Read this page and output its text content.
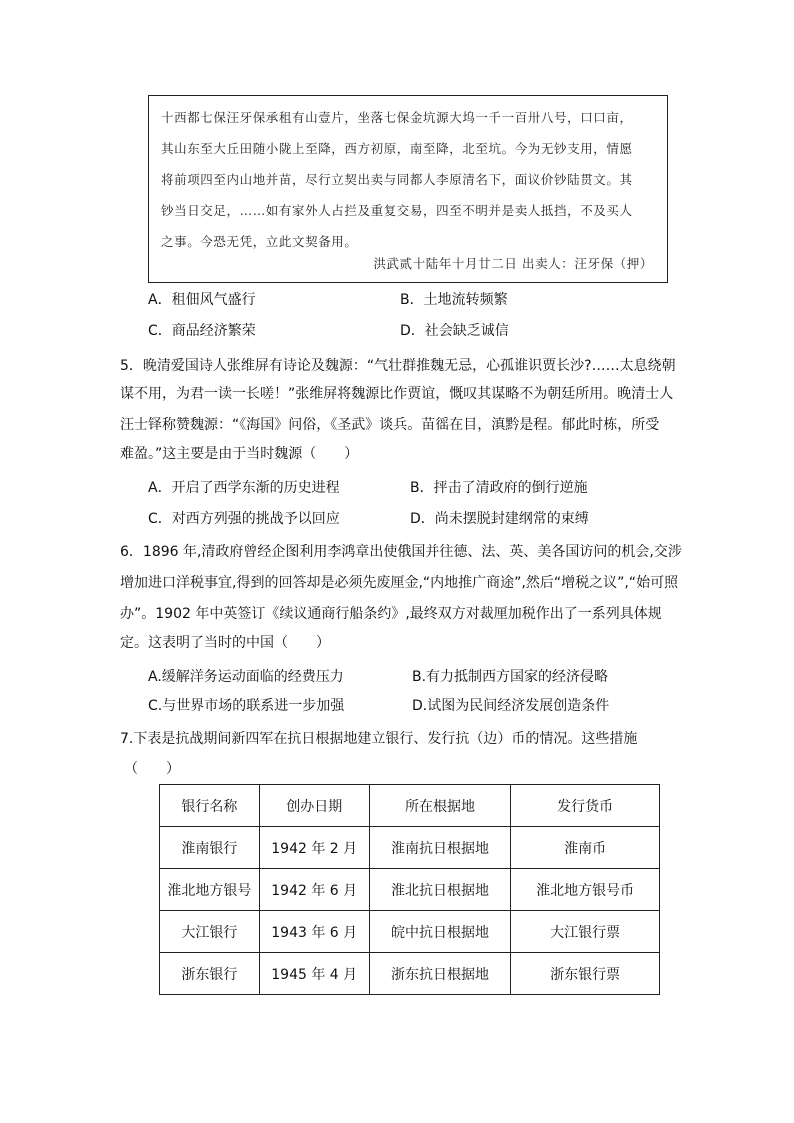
十西都七保汪牙保承租有山壹片，坐落七保金坑源大坞一千一百卅八号，口口亩，
其山东至大丘田随小陇上至降，西方初原，南至降，北至坑。今为无钞支用，情愿
将前项四至内山地并苗，尽行立契出卖与同都人李原清名下，面议价钞陆贯文。其
钞当日交足，……如有家外人占拦及重复交易，四至不明并是卖人抵挡，不及买人
之事。今恐无凭，立此文契备用。
洪武贰十陆年十月廿二日 出卖人：汪牙保（押）
A．租佃风气盛行	B．土地流转频繁
C．商品经济繁荣	D．社会缺乏诚信
5．晚清爱国诗人张维屏有诗论及魏源：“气壮群推魏无忌，心孤谁识贾长沙?……太息绕朝
谋不用，为君一读一长嗟！”张维屏将魏源比作贾谊，慨叹其谋略不为朝廷所用。晚清士人
汪士铎称赞魏源：“《海国》问俗，《圣武》谈兵。苗徭在目，滇黔是程。郁此时栋，所受
难盈。”这主要是由于当时魏源（　　）
A．开启了西学东渐的历史进程	B．抨击了清政府的倒行逆施
C．对西方列强的挑战予以回应	D．尚未摆脱封建纲常的束缚
6．1896 年,清政府曾经企图利用李鸿章出使俄国并往德、法、英、美各国访问的机会,交涉
增加进口洋税事宜,得到的回答却是必须先废厘金,“内地推广商途”,然后“增税之议”,“始可照
办”。1902 年中英签订《续议通商行船条约》,最终双方对裁厘加税作出了一系列具体规
定。这表明了当时的中国（　　）
A.缓解洋务运动面临的经费压力	B.有力抵制西方国家的经济侵略
C.与世界市场的联系进一步加强	D.试图为民间经济发展创造条件
7.下表是抗战期间新四军在抗日根据地建立银行、发行抗（边）币的情况。这些措施
（　　）
银行名称	创办日期	所在根据地	发行货币
淮南银行	1942 年 2 月	淮南抗日根据地	淮南币
淮北地方银号	1942 年 6 月	淮北抗日根据地	淮北地方银号币
大江银行	1943 年 6 月	皖中抗日根据地	大江银行票
浙东银行	1945 年 4 月	浙东抗日根据地	浙东银行票
